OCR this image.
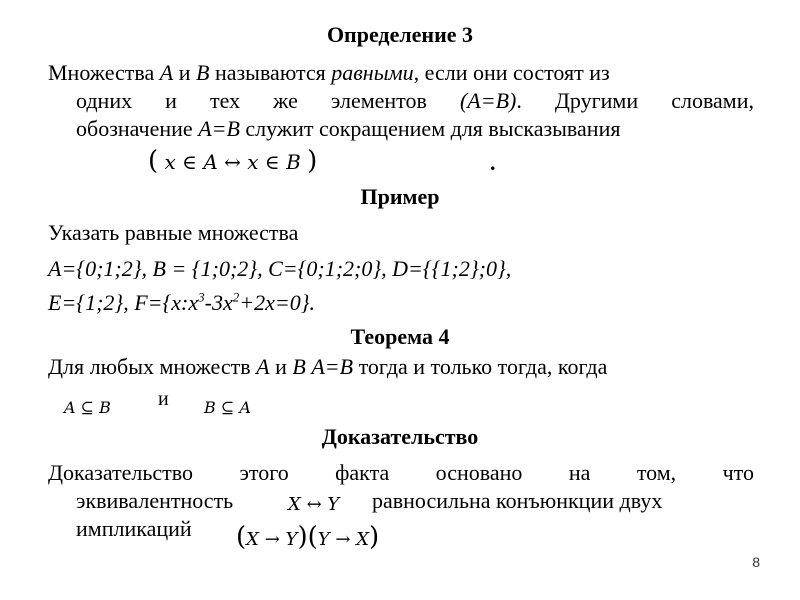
Определение 3
Множества A и B называются равными, если они состоят из
одних и тех же элементов (A=B). Другими словами,
обозначение A=B служит сокращением для высказывания
( x ∈ A ↔ x ∈ B )	.
Пример
Указать равные множества
A={0;1;2}, B = {1;0;2}, C={0;1;2;0}, D={{1;2};0},
E={1;2}, $F=\{x:x^3-3x^2+2x=0\}$.
Теорема 4
Для любых множеств A и B A=B тогда и только тогда, когда
A ⊆ B и B ⊆ A
Доказательство
Доказательство этого факта основано на том, что
эквивалентность	X ↔ Y равносильна конъюнкции двух
импликаций (X → Y)(Y → X)
8
